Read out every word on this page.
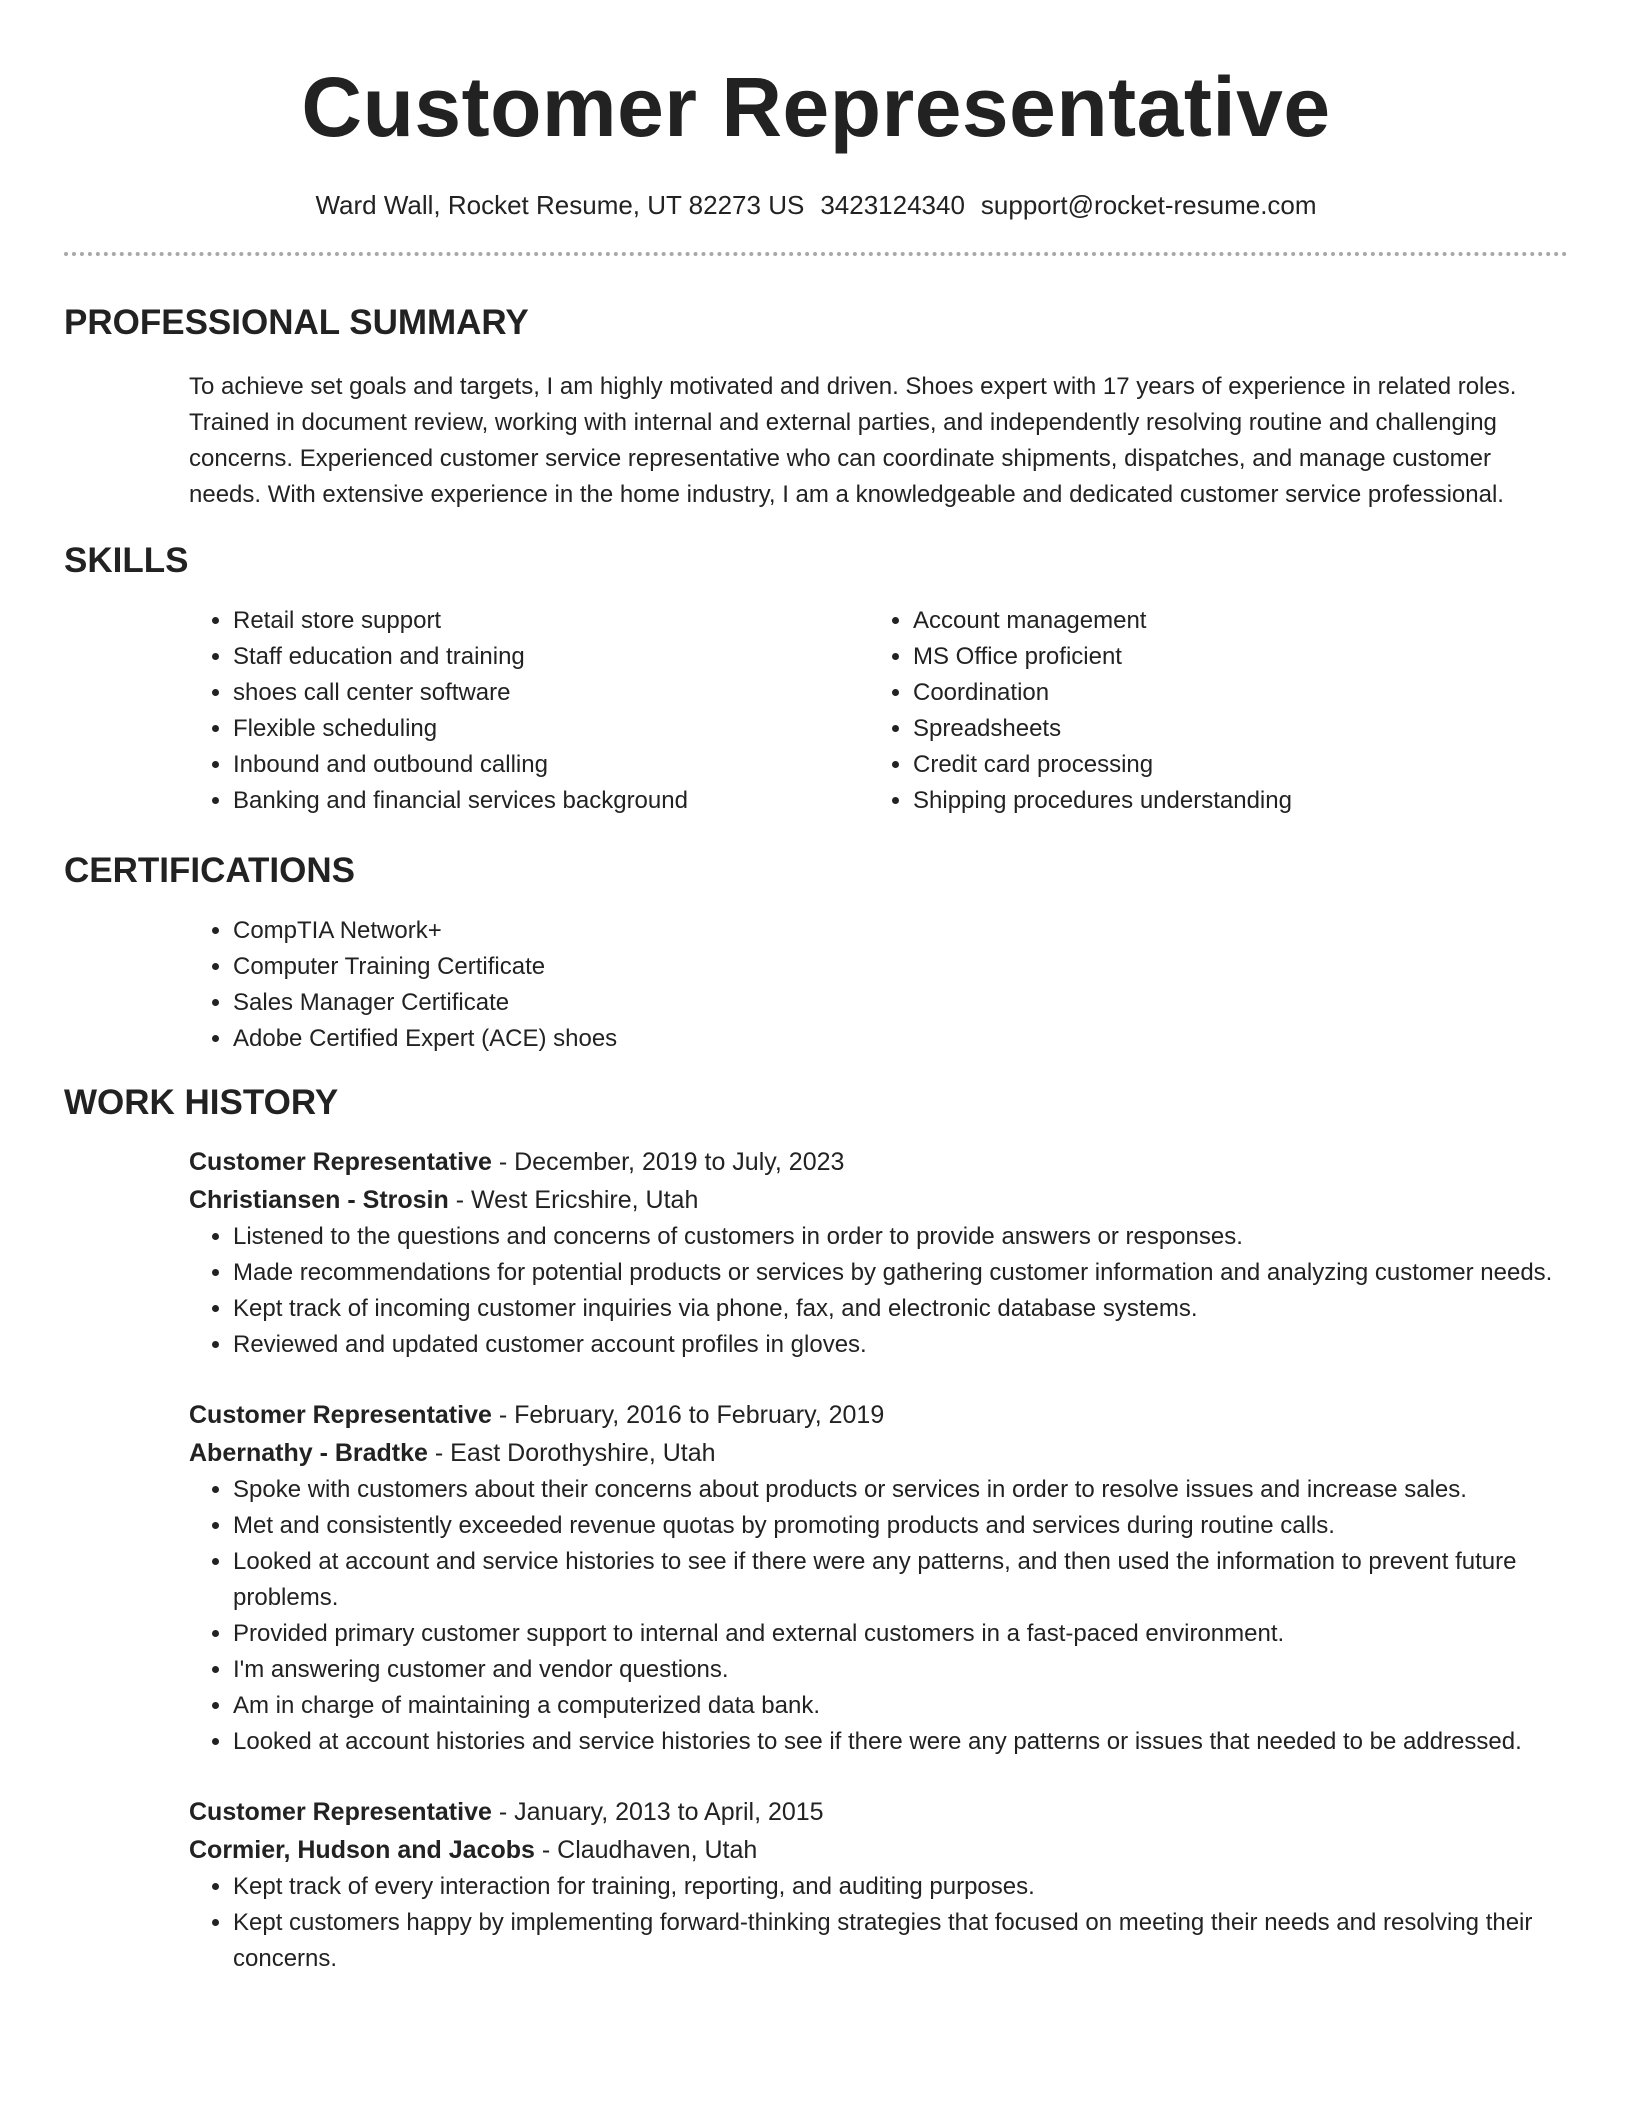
Customer Representative
Ward Wall, Rocket Resume, UT 82273 US 3423124340 support@rocket-resume.com
PROFESSIONAL SUMMARY

To achieve set goals and targets, I am highly motivated and driven. Shoes expert with 17 years of experience in related roles. Trained in document review, working with internal and external parties, and independently resolving routine and challenging concerns. Experienced customer service representative who can coordinate shipments, dispatches, and manage customer needs. With extensive experience in the home industry, I am a knowledgeable and dedicated customer service professional.

SKILLS
• Retail store support
• Staff education and training
• shoes call center software
• Flexible scheduling
• Inbound and outbound calling
• Banking and financial services background
• Account management
• MS Office proficient
• Coordination
• Spreadsheets
• Credit card processing
• Shipping procedures understanding
CERTIFICATIONS
• CompTIA Network+
• Computer Training Certificate
• Sales Manager Certificate
• Adobe Certified Expert (ACE) shoes
WORK HISTORY
Customer Representative - December, 2019 to July, 2023
Christiansen - Strosin - West Ericshire, Utah
• Listened to the questions and concerns of customers in order to provide answers or responses.
• Made recommendations for potential products or services by gathering customer information and analyzing customer needs.
• Kept track of incoming customer inquiries via phone, fax, and electronic database systems.
• Reviewed and updated customer account profiles in gloves.
Customer Representative - February, 2016 to February, 2019
Abernathy - Bradtke - East Dorothyshire, Utah
• Spoke with customers about their concerns about products or services in order to resolve issues and increase sales.
• Met and consistently exceeded revenue quotas by promoting products and services during routine calls.
• Looked at account and service histories to see if there were any patterns, and then used the information to prevent future problems.
• Provided primary customer support to internal and external customers in a fast-paced environment.
• I'm answering customer and vendor questions.
• Am in charge of maintaining a computerized data bank.
• Looked at account histories and service histories to see if there were any patterns or issues that needed to be addressed.
Customer Representative - January, 2013 to April, 2015
Cormier, Hudson and Jacobs - Claudhaven, Utah
• Kept track of every interaction for training, reporting, and auditing purposes.
• Kept customers happy by implementing forward-thinking strategies that focused on meeting their needs and resolving their concerns.
